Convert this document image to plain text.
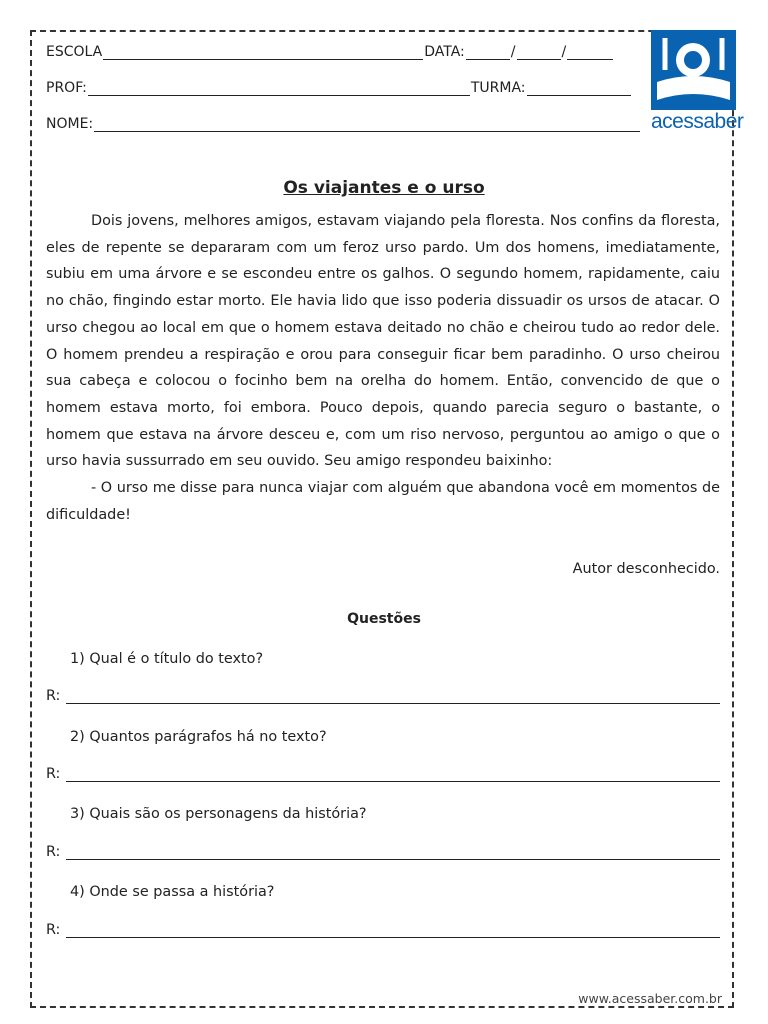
ESCOLA	DATA:	/	/
PROF:	TURMA:
NOME:	acessaber
Os viajantes e o urso

Dois jovens, melhores amigos, estavam viajando pela floresta. Nos confins da floresta, eles de repente se depararam com um feroz urso pardo. Um dos homens, imediatamente, subiu em uma árvore e se escondeu entre os galhos. O segundo homem, rapidamente, caiu no chão, fingindo estar morto. Ele havia lido que isso poderia dissuadir os ursos de atacar. O urso chegou ao local em que o homem estava deitado no chão e cheirou tudo ao redor dele. O homem prendeu a respiração e orou para conseguir ficar bem paradinho. O urso cheirou sua cabeça e colocou o focinho bem na orelha do homem. Então, convencido de que o homem estava morto, foi embora. Pouco depois, quando parecia seguro o bastante, o homem que estava na árvore desceu e, com um riso nervoso, perguntou ao amigo o que o urso havia sussurrado em seu ouvido. Seu amigo respondeu baixinho:

- O urso me disse para nunca viajar com alguém que abandona você em momentos de dificuldade!

Autor desconhecido.
Questões
1) Qual é o título do texto?
R:
2) Quantos parágrafos há no texto?
R:
3) Quais são os personagens da história?
R:
4) Onde se passa a história?
R:
www.acessaber.com.br
